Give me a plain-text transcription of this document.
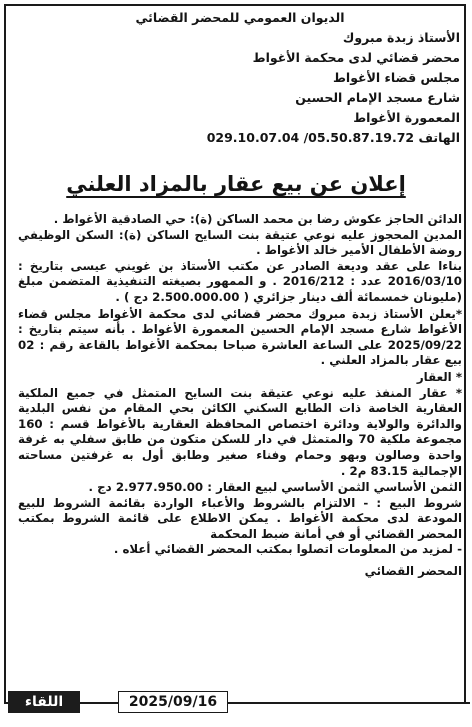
الديوان العمومي للمحضر القضائي
الأستاذ زبدة مبروك
محضر قضائي لدى محكمة الأغواط
مجلس قضاء الأغواط
شارع مسجد الإمام الحسين
المعمورة الأغواط
الهاتف 05.50.87.19.72/ 029.10.07.04
إعلان عن بيع عقار بالمزاد العلني

الدائن الحاجز عكوش رضا بن محمد الساكن (ة): حي الصادقية الأغواط .

المدين المحجوز عليه نوعي عتيقة بنت السايح الساكن (ة): السكن الوظيفي روضة الأطفال الأمير خالد الأغواط .

بناءا على عقد وديعة الصادر عن مكتب الأستاذ بن غويني عيسى بتاريخ : 2016/03/10 عدد : 2016/212 . و الممهور بصيغته التنفيذية المتضمن مبلغ (مليونان خمسمائة ألف دينار جزائري ( 2.500.000.00 دج ) .

*يعلن الأستاذ زبدة مبروك محضر قضائي لدى محكمة الأغواط مجلس قضاء الأغواط شارع مسجد الإمام الحسين المعمورة الأغواط . بأنه سيتم بتاريخ : 2025/09/22 على الساعة العاشرة صباحا بمحكمة الأغواط بالقاعة رقم : 02 بيع عقار بالمزاد العلني .

* العقار

* عقار المنفذ عليه نوعي عتيقة بنت السايح المتمثل في جميع الملكية العقارية الخاصة ذات الطابع السكني الكائن بحي المقام من نفس البلدية والدائرة والولاية ودائرة اختصاص المحافظة العقارية بالأغواط قسم : 160 مجموعة ملكية 70 والمتمثل في دار للسكن متكون من طابق سفلي به غرفة واحدة وصالون وبهو وحمام وفناء صغير وطابق أول به غرفتين مساحته الإجمالية 83.15 م2 .

الثمن الأساسي الثمن الأساسي لبيع العقار : 2.977.950.00 دج .

شروط البيع : - الالتزام بالشروط والأعباء الواردة بقائمة الشروط للبيع المودعة لدى محكمة الأغواط . يمكن الاطلاع على قائمة الشروط بمكتب المحضر القضائي أو في أمانة ضبط المحكمة

- لمزيد من المعلومات اتصلوا بمكتب المحضر القضائي أعلاه .

المحضر القضائي

2025/09/16
اللقاء
